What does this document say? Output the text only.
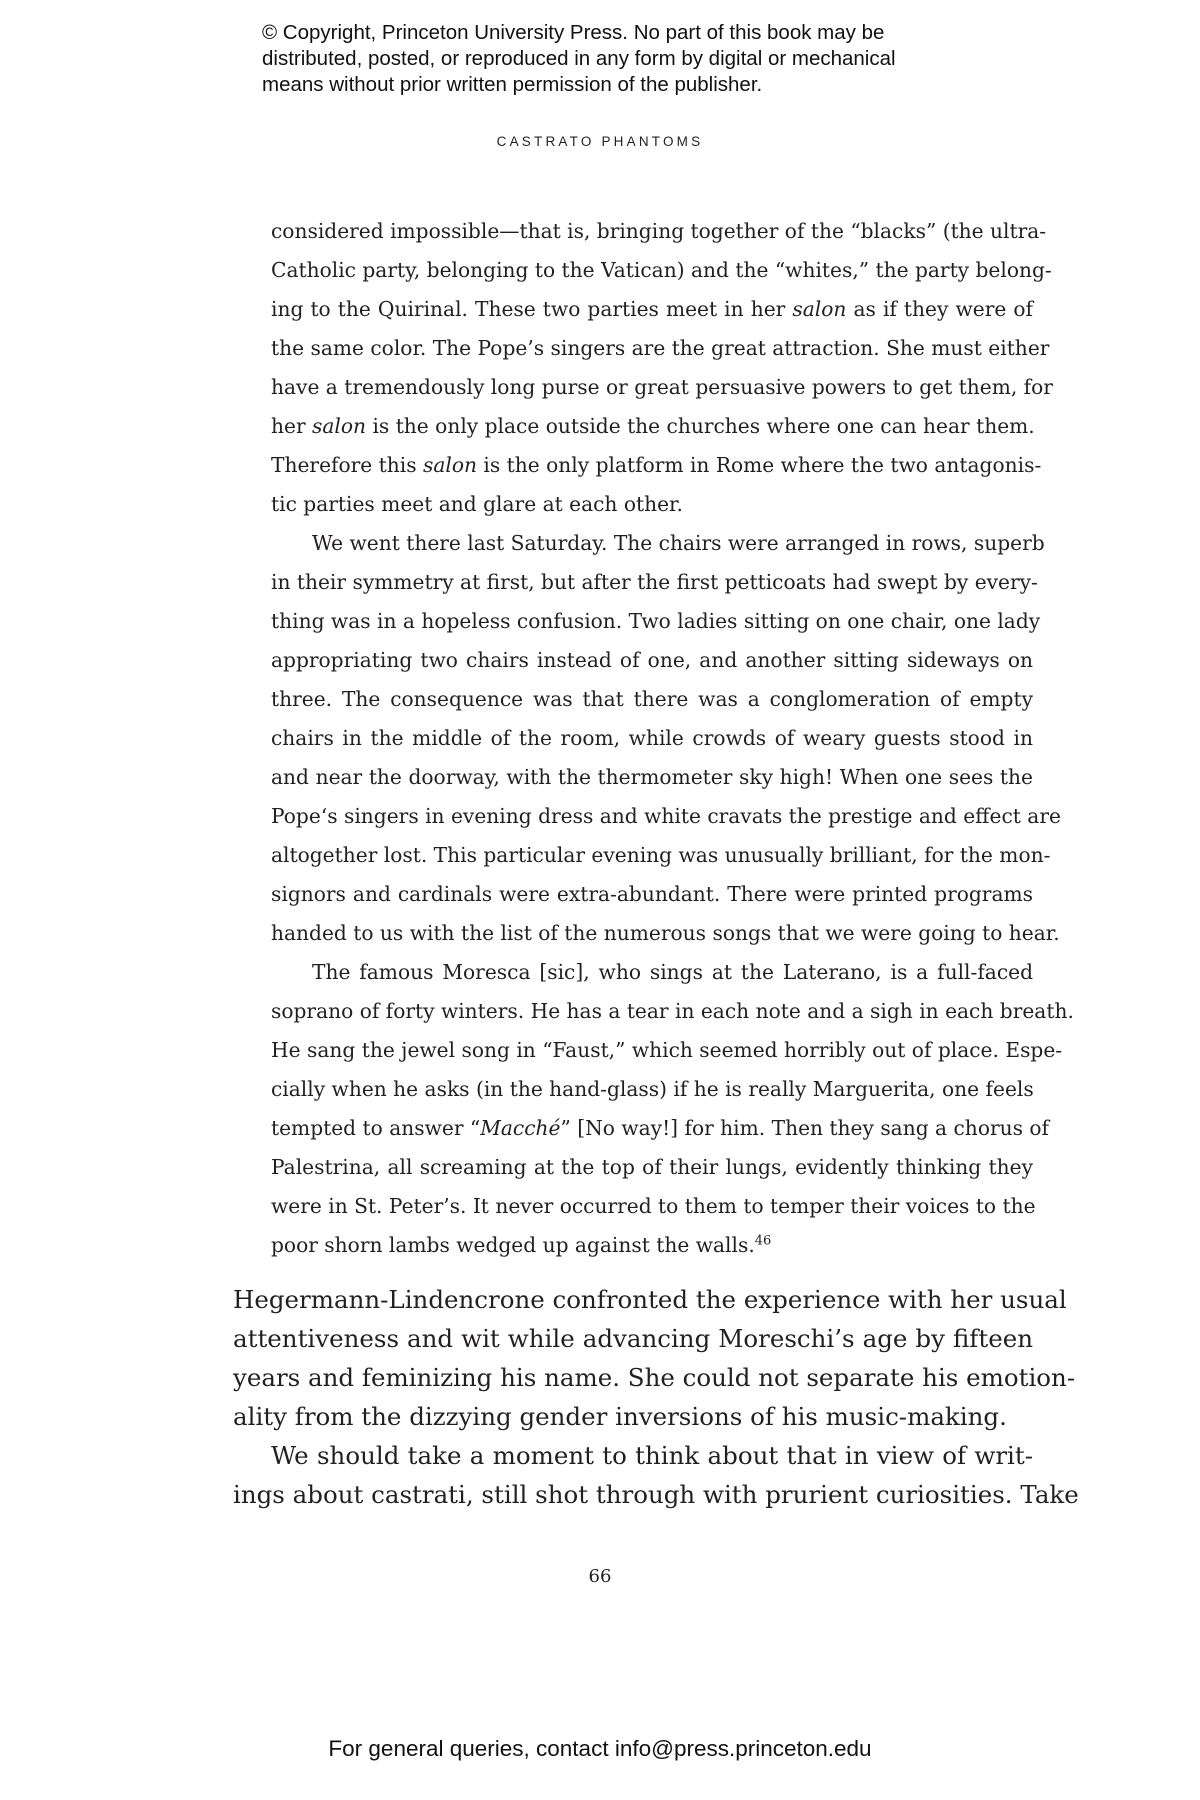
© Copyright, Princeton University Press. No part of this book may be
distributed, posted, or reproduced in any form by digital or mechanical
means without prior written permission of the publisher.
CASTRATO PHANTOMS
considered impossible—that is, bringing together of the “blacks” (the ultra-
Catholic party, belonging to the Vatican) and the “whites,” the party belong-
ing to the Quirinal. These two parties meet in her salon as if they were of
the same color. The Pope’s singers are the great attraction. She must either
have a tremendously long purse or great persuasive powers to get them, for
her salon is the only place outside the churches where one can hear them.
Therefore this salon is the only platform in Rome where the two antagonis-
tic parties meet and glare at each other.
We went there last Saturday. The chairs were arranged in rows, superb
in their symmetry at first, but after the first petticoats had swept by every-
thing was in a hopeless confusion. Two ladies sitting on one chair, one lady
appropriating two chairs instead of one, and another sitting sideways on
three. The consequence was that there was a conglomeration of empty
chairs in the middle of the room, while crowds of weary guests stood in
and near the doorway, with the thermometer sky high! When one sees the
Pope‘s singers in evening dress and white cravats the prestige and effect are
altogether lost. This particular evening was unusually brilliant, for the mon-
signors and cardinals were extra-abundant. There were printed programs
handed to us with the list of the numerous songs that we were going to hear.
The famous Moresca [sic], who sings at the Laterano, is a full-faced
soprano of forty winters. He has a tear in each note and a sigh in each breath.
He sang the jewel song in “Faust,” which seemed horribly out of place. Espe-
cially when he asks (in the hand-glass) if he is really Marguerita, one feels
tempted to answer “Macché” [No way!] for him. Then they sang a chorus of
Palestrina, all screaming at the top of their lungs, evidently thinking they
were in St. Peter’s. It never occurred to them to temper their voices to the
poor shorn lambs wedged up against the walls.$^{46}$
Hegermann-Lindencrone confronted the experience with her usual
attentiveness and wit while advancing Moreschi’s age by fifteen
years and feminizing his name. She could not separate his emotion-
ality from the dizzying gender inversions of his music-making.
We should take a moment to think about that in view of writ-
ings about castrati, still shot through with prurient curiosities. Take
66
For general queries, contact info@press.princeton.edu
